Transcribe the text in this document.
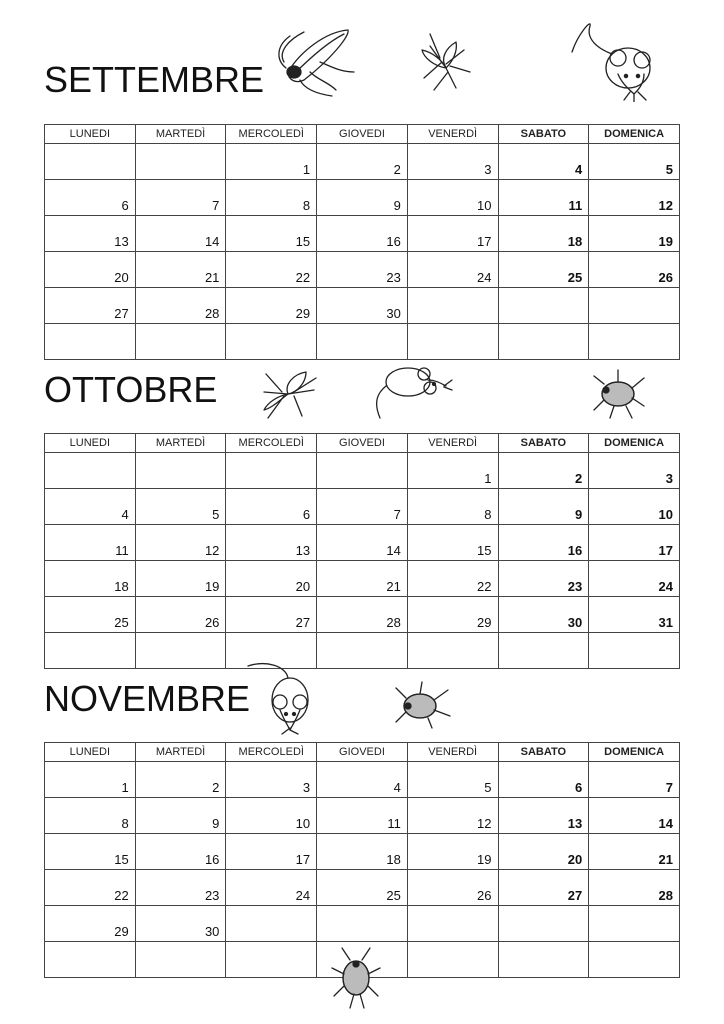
SETTEMBRE
LUNEDI	MARTEDÌ	MERCOLEDÌ	GIOVEDI	VENERDÌ	SABATO	DOMENICA
		1	2	3	4	5
6	7	8	9	10	11	12
13	14	15	16	17	18	19
20	21	22	23	24	25	26
27	28	29	30			

OTTOBRE
LUNEDI	MARTEDÌ	MERCOLEDÌ	GIOVEDI	VENERDÌ	SABATO	DOMENICA
				1	2	3
4	5	6	7	8	9	10
11	12	13	14	15	16	17
18	19	20	21	22	23	24
25	26	27	28	29	30	31

NOVEMBRE
LUNEDI	MARTEDÌ	MERCOLEDÌ	GIOVEDI	VENERDÌ	SABATO	DOMENICA
1	2	3	4	5	6	7
8	9	10	11	12	13	14
15	16	17	18	19	20	21
22	23	24	25	26	27	28
29	30					
